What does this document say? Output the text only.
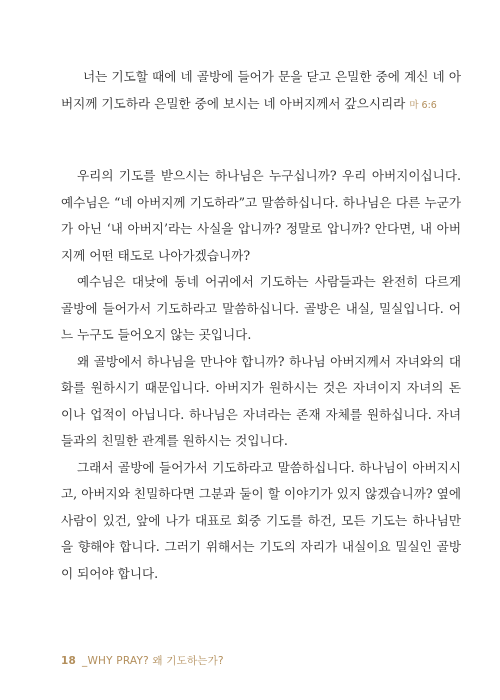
너는 기도할 때에 네 골방에 들어가 문을 닫고 은밀한 중에 계신 네 아버지께 기도하라 은밀한 중에 보시는 네 아버지께서 갚으시리라 마 6:6

우리의 기도를 받으시는 하나님은 누구십니까? 우리 아버지이십니다. 예수님은 “네 아버지께 기도하라”고 말씀하십니다. 하나님은 다른 누군가가 아닌 ‘내 아버지’라는 사실을 압니까? 정말로 압니까? 안다면, 내 아버지께 어떤 태도로 나아가겠습니까?

예수님은 대낮에 동네 어귀에서 기도하는 사람들과는 완전히 다르게 골방에 들어가서 기도하라고 말씀하십니다. 골방은 내실, 밀실입니다. 어느 누구도 들어오지 않는 곳입니다.

왜 골방에서 하나님을 만나야 합니까? 하나님 아버지께서 자녀와의 대화를 원하시기 때문입니다. 아버지가 원하시는 것은 자녀이지 자녀의 돈이나 업적이 아닙니다. 하나님은 자녀라는 존재 자체를 원하십니다. 자녀들과의 친밀한 관계를 원하시는 것입니다.

그래서 골방에 들어가서 기도하라고 말씀하십니다. 하나님이 아버지시고, 아버지와 친밀하다면 그분과 둘이 할 이야기가 있지 않겠습니까? 옆에 사람이 있건, 앞에 나가 대표로 회중 기도를 하건, 모든 기도는 하나님만을 향해야 합니다. 그러기 위해서는 기도의 자리가 내실이요 밀실인 골방이 되어야 합니다.

18 _WHY PRAY? 왜 기도하는가?
